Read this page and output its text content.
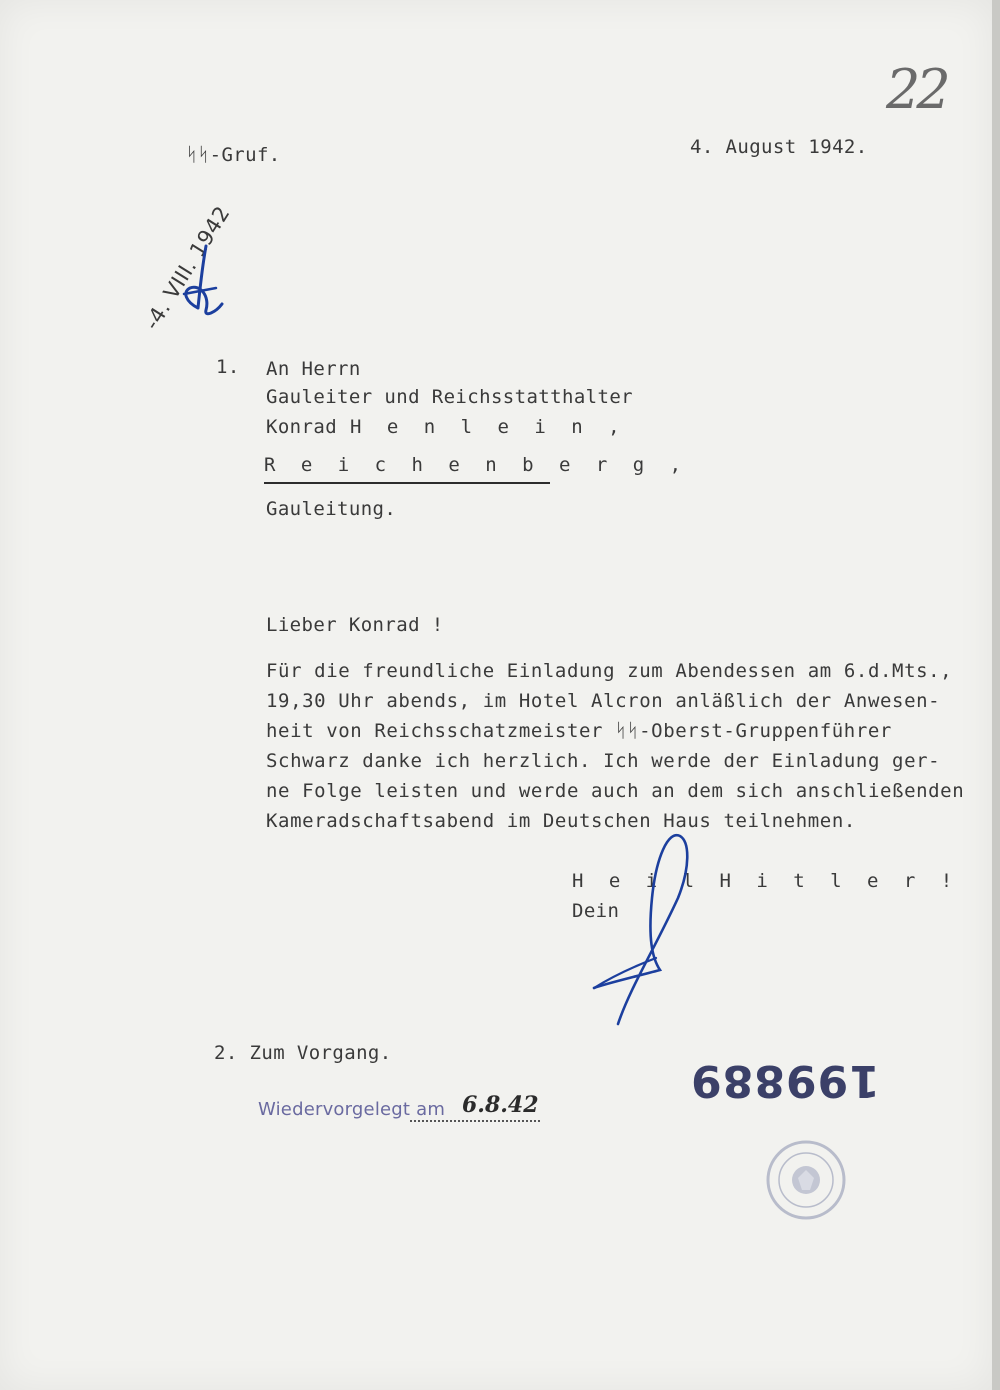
ᛋᛋ-Gruf.	4. August 1942.
22
-4. VIII. 1942
1. An Herrn
Gauleiter und Reichsstatthalter
Konrad H e n l e i n ,
R e i c h e n b e r g ,
Gauleitung.
Lieber Konrad !
Für die freundliche Einladung zum Abendessen am 6.d.Mts.,
19,30 Uhr abends, im Hotel Alcron anläßlich der Anwesen-
heit von Reichsschatzmeister ᛋᛋ-Oberst-Gruppenführer
Schwarz danke ich herzlich. Ich werde der Einladung ger-
ne Folge leisten und werde auch an dem sich anschließenden
Kameradschaftsabend im Deutschen Haus teilnehmen.
H e i l H i t l e r !
Dein
2. Zum Vorgang.
Wiedervorgelegt am 6.8.42	199889
